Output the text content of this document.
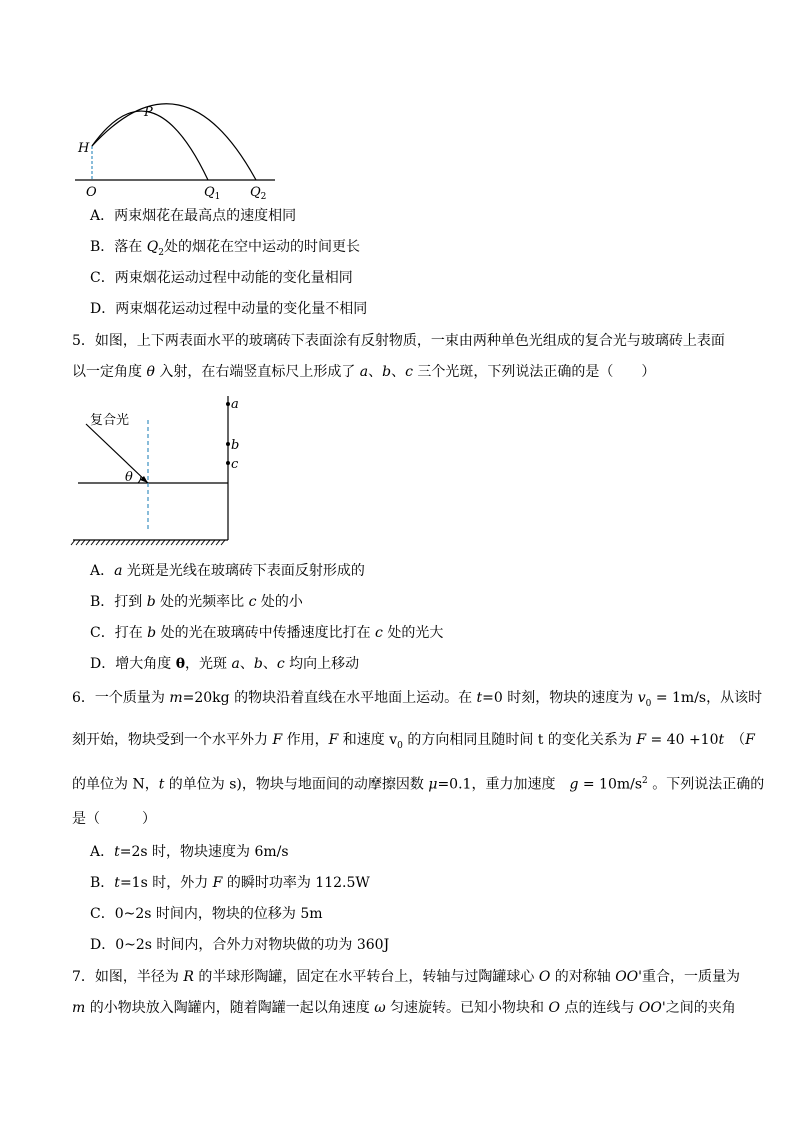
H
P
O	$Q_1$ $Q_2$
A．两束烟花在最高点的速度相同
B．落在 $Q_2$处的烟花在空中运动的时间更长
C．两束烟花运动过程中动能的变化量相同
D．两束烟花运动过程中动量的变化量不相同
5．如图，上下两表面水平的玻璃砖下表面涂有反射物质，一束由两种单色光组成的复合光与玻璃砖上表面
以一定角度 θ 入射，在右端竖直标尺上形成了 a、b、c 三个光斑，下列说法正确的是（　　）
复合光
θ
a
b
c
A．a 光斑是光线在玻璃砖下表面反射形成的
B．打到 b 处的光频率比 c 处的小
C．打在 b 处的光在玻璃砖中传播速度比打在 c 处的光大
D．增大角度 θ，光斑 a、b、c 均向上移动
6．一个质量为 m=20kg 的物块沿着直线在水平地面上运动。在 t=0 时刻，物块的速度为 $v_0 = 1m/s$，从该时
刻开始，物块受到一个水平外力 F 作用，F 和速度 $v_0$ 的方向相同且随时间 t 的变化关系为 F = 40 +10t　（F
的单位为 N，t 的单位为 s)，物块与地面间的动摩擦因数 μ=0.1，重力加速度　$g = 10m/s^2$ 。下列说法正确的
是（　　　）
A．t=2s 时，物块速度为 6m/s
B．t=1s 时，外力 F 的瞬时功率为 112.5W
C．0~2s 时间内，物块的位移为 5m
D．0~2s 时间内，合外力对物块做的功为 360J
7．如图，半径为 R 的半球形陶罐，固定在水平转台上，转轴与过陶罐球心 O 的对称轴 OO'重合，一质量为
m 的小物块放入陶罐内，随着陶罐一起以角速度 ω 匀速旋转。已知小物块和 O 点的连线与 OO'之间的夹角
